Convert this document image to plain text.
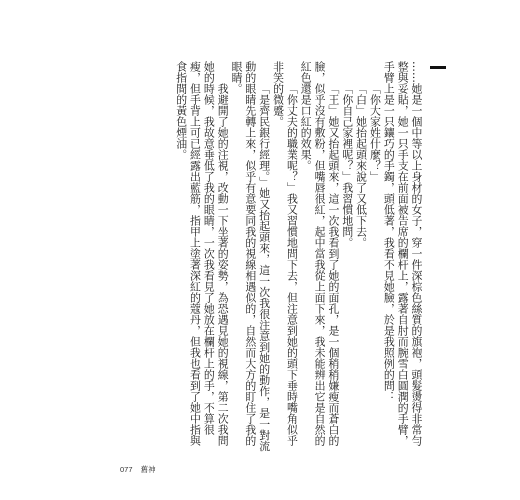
……她是一個中等以上身材的女子，穿一件深棕色絲質的旗袍，頭髮燙得非常勻整與妥貼，她一只手支在前面被告席的欄杆上，露著自肘而腕雪白圓潤的手臂，手臂上是一只鑲巧的手鐲，頭低著，我看不見她臉，於是我照例的問：

「你大家姓什麼？」

「白」她抬起頭來說了又低下去。

「你自己家裡呢？」我習慣地問。

「王」她又抬起頭來，這一次我看到了她的面孔，是一個稍稍嫌瘦而蒼白的臉，似乎沒有敷粉，但嘴唇很紅，起中當我從上面下來，我未能辨出它是自然的紅色還是口紅的效果。

「你丈夫的職業呢？」我又習慣地問下去，但注意到她的頭下垂時嘴角似乎非笑的微蹙。

「是齊民銀行經理。」她又抬起頭來，這一次我很注意到她的動作，是一對流動的眼睛先轉上來，似乎有意要同我的視線相遇似的，自然而大方的盯住了我的眼睛。

我避開了她的注視，改動一下坐著的姿勢，為恐遇見她的視線，第二次我問她的時候，我故意垂低了我的眼睛，一次我看見了她放在欄杆上的手，不算很瘦，但手背上可已經露出藍筋，指甲上塗著深紅的蔻丹，但我也看到了她中指與食指間的黃色煙油。

077 舊神
